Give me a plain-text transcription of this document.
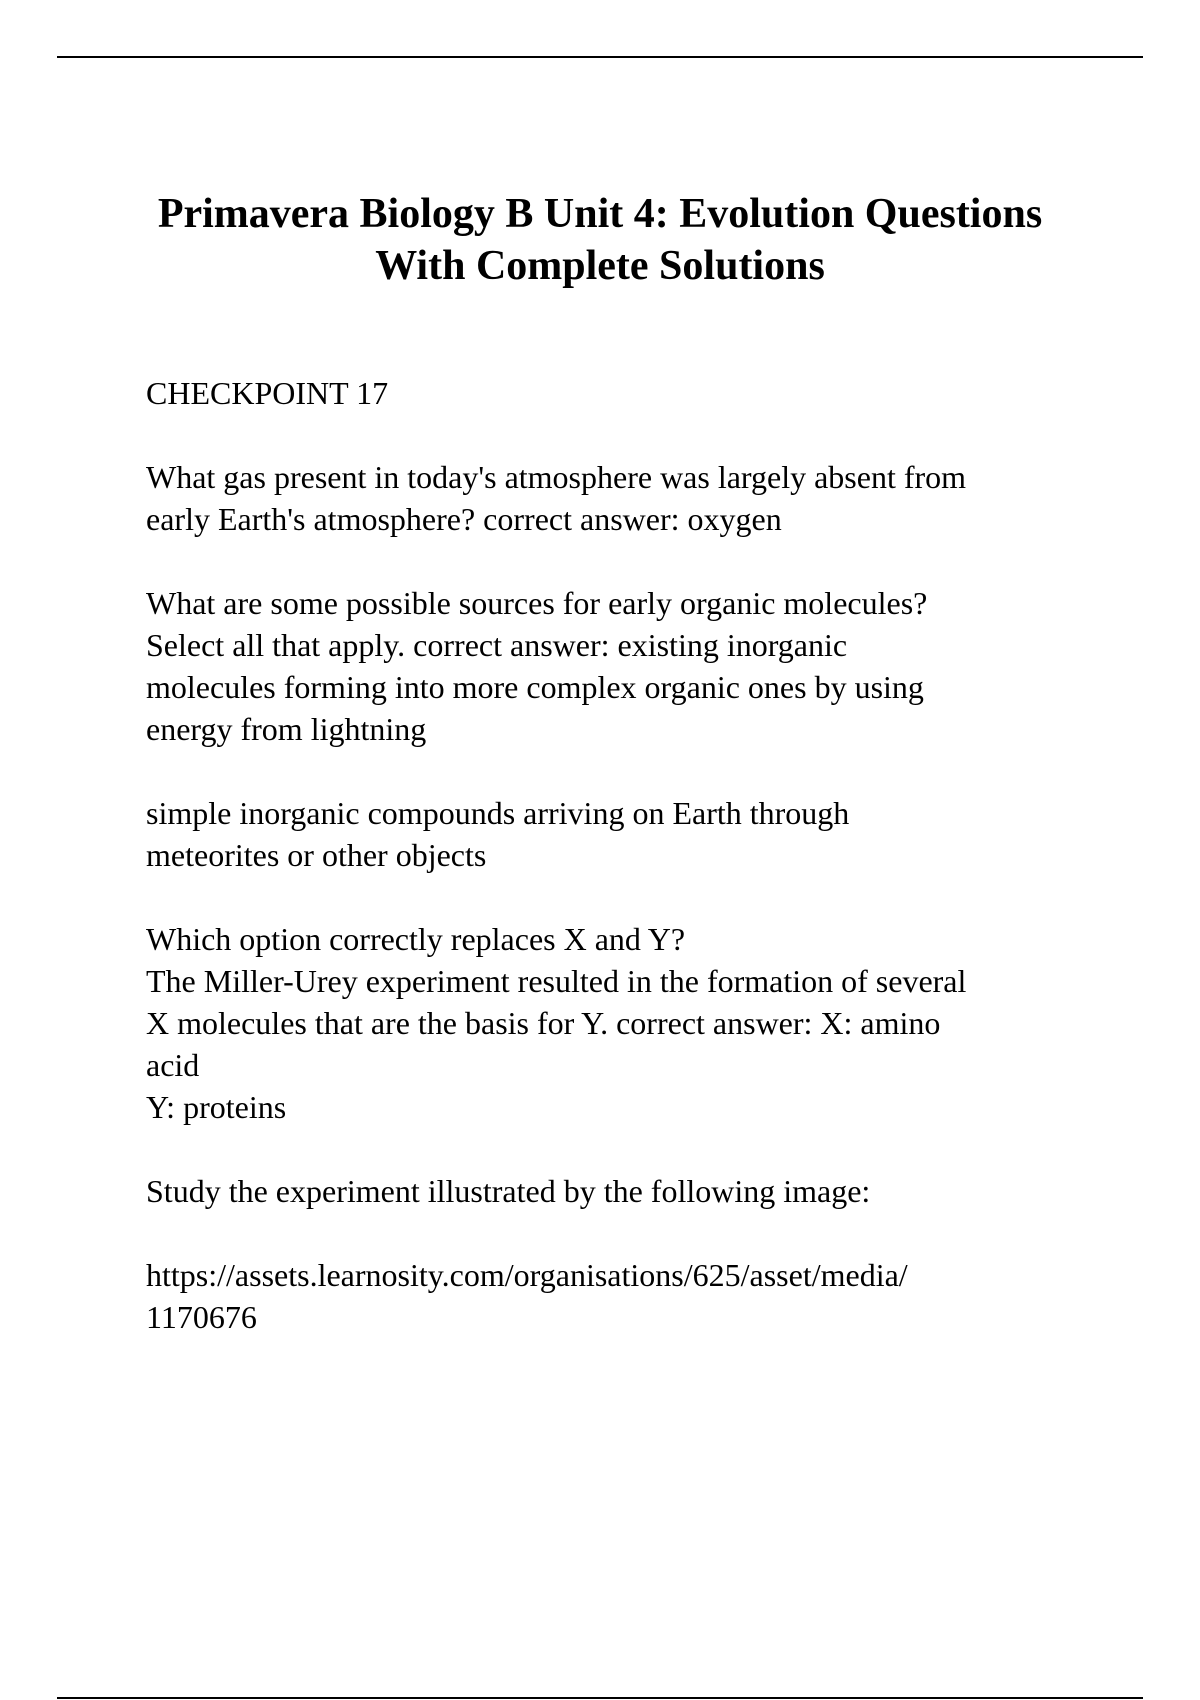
Primavera Biology B Unit 4: Evolution Questions
With Complete Solutions

CHECKPOINT 17

What gas present in today's atmosphere was largely absent from
early Earth's atmosphere? correct answer: oxygen

What are some possible sources for early organic molecules?
Select all that apply. correct answer: existing inorganic
molecules forming into more complex organic ones by using
energy from lightning

simple inorganic compounds arriving on Earth through
meteorites or other objects

Which option correctly replaces X and Y?
The Miller-Urey experiment resulted in the formation of several
X molecules that are the basis for Y. correct answer: X: amino
acid
Y: proteins

Study the experiment illustrated by the following image:

https://assets.learnosity.com/organisations/625/asset/media/
1170676
